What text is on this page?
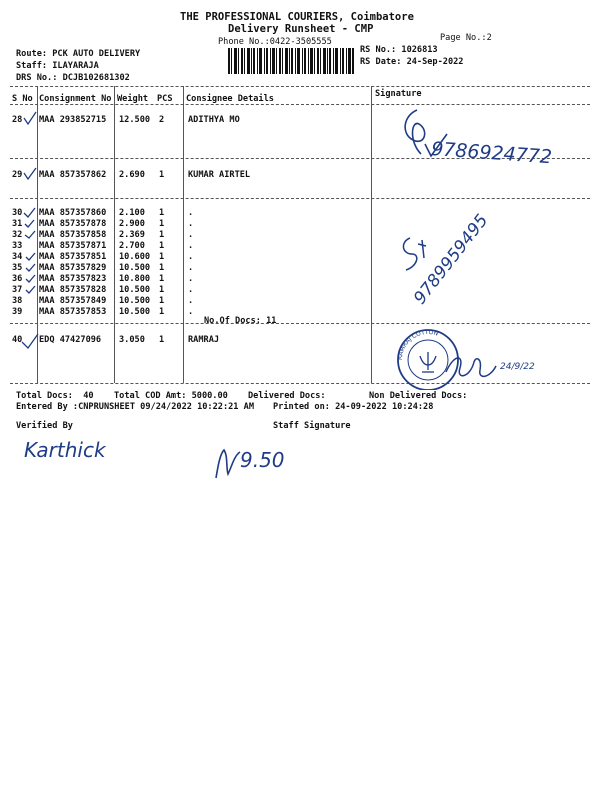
THE PROFESSIONAL COURIERS, Coimbatore
Delivery Runsheet - CMP
Phone No.:0422-3505555	Page No.:2
Route: PCK AUTO DELIVERY
Staff: ILAYARAJA
DRS No.: DCJB102681302
RS No.: 1026813
RS Date: 24-Sep-2022
S No Consignment No Weight PCS Consignee Details	Signature
28 MAA 293852715 12.500 2	ADITHYA MO
29 MAA 857357862 2.690 1	KUMAR AIRTEL
30 MAA 857357860 2.100 1	.
31 MAA 857357878 2.900 1	.
32 MAA 857357858 2.369 1	.
33 MAA 857357871 2.700 1	.
34 MAA 857357851 10.600 1	.
35 MAA 857357829 10.500 1	.
36 MAA 857357823 10.800 1	.
37 MAA 857357828 10.500 1	.
38 MAA 857357849 10.500 1	.
39 MAA 857357853 10.500 1	.
No.Of Docs: 11
40 EDQ 47427096 3.050 1	RAMRAJ
9786924772
9789959495
RAMRAJ COTTON
24/9/22
Total Docs:  40 Total COD Amt: 5000.00 Delivered Docs:	Non Delivered Docs:
Entered By :CNPRUNSHEET 09/24/2022 10:22:21 AM Printed on: 24-09-2022 10:24:28
Verified By	Staff Signature
Karthick	9.50
